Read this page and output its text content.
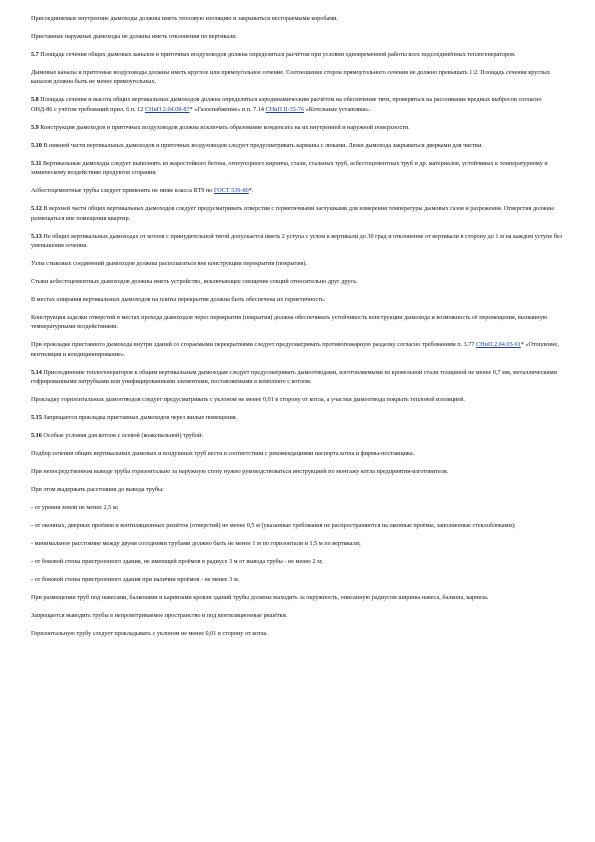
Присоединяемые внутренние дымоходы должны иметь тепловую изоляцию и закрываться несгораемыми коробами.

Приставные наружные дымоходы не должны иметь отклонения по вертикали.

5.7 Площадь сечения общих дымовых каналов и приточных воздуховодов должна определяться расчётом при условии одновременной работы всех подсоединённых теплогенераторов.

Дымовые каналы и приточные воздуховоды должны иметь круглое или прямоугольное сечение. Соотношение сторон прямоугольного сечения не должно превышать 1:2. Площадь сечения круглых каналов должна быть не менее прямоугольных.

5.8 Площадь сечения и высота общих вертикальных дымоходов должна определяться аэродинамическим расчётом на обеспечение тяги, проверяться на рассеивание вредных выбросов согласно ОНД-86 с учётом требований прил. 6 п. 12 СНиП 2.04.08-87* «Газоснабжение» и п. 7.14 СНиП II-35-76 «Котельные установки».

5.9 Конструкция дымоходов и приточных воздуховодов должна исключать образование конденсата на их внутренней и наружной поверхности.

5.10 В нижней части вертикальных дымоходов и приточных воздуховодов следует предусматривать карманы с люками. Люки дымохода закрываться дверками для чистки.

5.11 Вертикальные дымоходы следует выполнять из жаростойкого бетона, огнеупорного кирпича, стали, стальных труб, асбестоцементных труб и др. материалов, устойчивых к температурному и химическому воздействию продуктов сгорания.

Асбестоцементные трубы следует применять не ниже класса ВТ9 по ГОСТ 539-80*.

5.12 В верхней части общих вертикальных дымоходов следует предусматривать отверстия с герметичными заглушками для измерения температуры дымовых газов и разрежения. Отверстия должны размещаться вне помещения квартир.

5.13 Не общих вертикальных дымоходах от котлов с принудительной тягой допускается иметь 2 уступа с углом к вертикали до 30 град и отклонение от вертикали в сторону до 1 м на каждом уступе без уменьшения сечения.

Узлы стыковых соединений дымоходов должны располагаться вне конструкции перекрытия (покрытия).

Стыки асбестоцементных дымоходов должны иметь устройство, исключающее смещение секций относительно друг друга.

В местах опирания вертикальных дымоходов на плиты перекрытия должна быть обеспечена их герметичность.

Конструкция заделки отверстий в местах прохода дымоходов через перекрытия (покрытия) должна обеспечивать устойчивость конструкции дымохода и возможность её перемещения, вызванную температурными воздействиями.

При прокладке приставного дымохода внутри зданий со сгораемыми перекрытиями следует предусматривать противопожарную разделку согласно требованиям п. 3.77 СНиП 2.04.05-91* «Отопление, вентиляция и кондиционирование».

5.14 Присоединение теплогенераторов к общим вертикальным дымоходам следует предусматривать дымоотводами, изготовляемыми из кровельной стали толщиной не менее 0,7 мм, металлическими гофрированными патрубками или унифицированными элементами, поставляемыми в комплекте с котлом.

Прокладку горизонтальных дымоотводов следует предусматривать с уклоном не менее 0,01 в сторону от котла, а участки дымоотвода покрыть тепловой изоляцией.

5.15 Запрещается прокладка приставных дымоходов через жилые помещения.

5.16 Особые условия для котлов с осевой (коаксиальной) трубой:

Подбор сечения общих вертикальных дымовых и воздушных труб вести в соответствии с рекомендациями паспорта котла и фирмы-поставщика.

При непосредственном выводе трубы горизонтально за наружную стену нужно руководствоваться инструкцией по монтажу котла предприятия-изготовителя.

При этом выдержать расстояния до вывода трубы:

- от уровня земли не менее 2,5 м;

- от оконных, дверных проёмов и вентиляционных решёток (отверстий) не менее 0,5 м (указанные требования не распространяются на оконные проёмы, заполненные стеклоблоками);

- минимальное расстояние между двумя соседними трубами должно быть не менее 1 м по горизонтали и 1,5 м по вертикали;

- от боковой стены пристроенного здания, не имеющей проёмов в радиусе 3 м от вывода трубы - не менее 2 м;

- от боковой стены пристроенного здания при наличии проёмов - не менее 3 м.

При размещении труб под навесами, балконами и карнизами кровли зданий трубы должны выходить за окружность, описанную радиусом ширины навеса, балкона, карниза.

Запрещается выводить трубы в непроветриваемое пространство и под вентиляционные решётки.

Горизонтальную трубу следует прокладывать с уклоном не менее 0,01 в сторону от котла.
